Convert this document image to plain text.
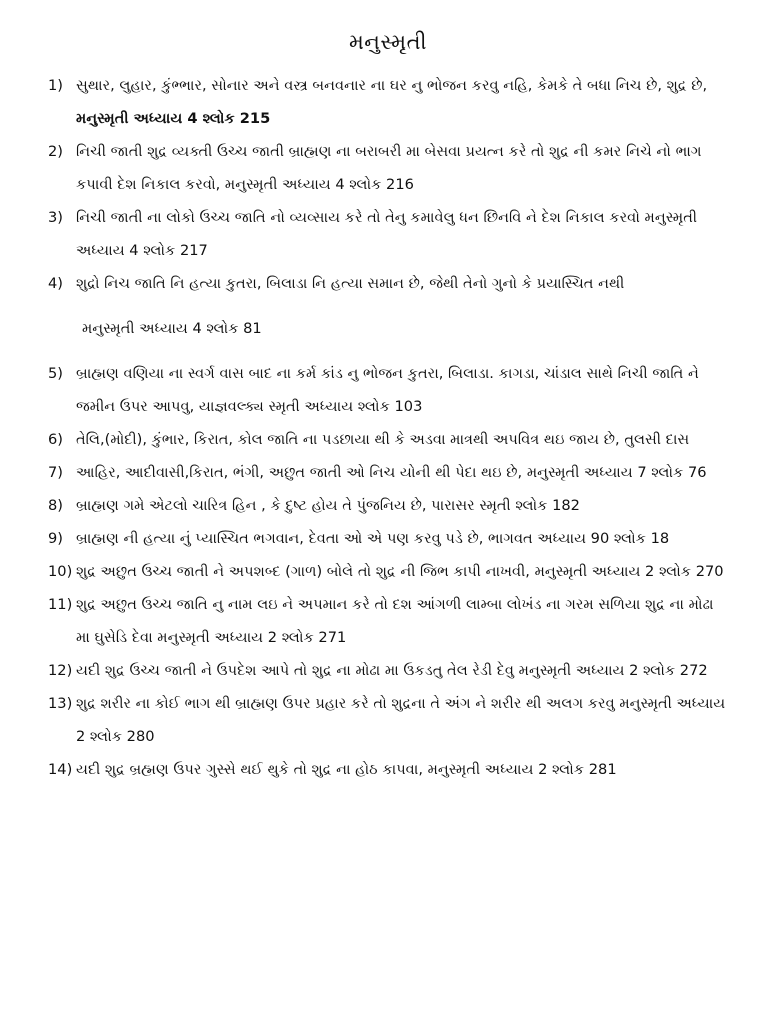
મનુસ્મૃતી
1) સુથાર, લુહાર, કુંભ્ભાર, સોનાર અને વસ્ત્ર બનવનાર ના ઘર નુ ભોજન કરવુ નહિ, કેમકે તે બધા નિચ છે, શુદ્ર છે, મનુસ્મૃતી અધ્યાય 4 શ્લોક 215
2) નિચી જાતી શુદ્ર વ્યક્તી ઉચ્ચ જાતી બ્રાહ્મણ ના બરાબરી મા બેસવા પ્રયત્ન કરે તો શુદ્ર ની કમર નિચે નો ભાગ કપાવી દેશ નિકાલ કરવો, મનુસ્મૃતી અધ્યાય 4 શ્લોક 216
3) નિચી જાતી ના લોકો ઉચ્ચ જાતિ નો વ્યવ્સાય કરે તો તેનુ કમાવેલુ ધન છિનવિ ને દેશ નિકાલ કરવો મનુસ્મૃતી અધ્યાય 4 શ્લોક 217
4) શુદ્રો નિચ જાતિ નિ હત્યા કુતરા, બિલાડા નિ હત્યા સમાન છે, જેથી તેનો ગુનો કે પ્રયાસ્ચિત નથી
મનુસ્મૃતી અધ્યાય 4 શ્લોક 81
5) બ્રાહ્મણ વણિયા ના સ્વર્ગ વાસ બાદ ના કર્મ કાંડ નુ ભોજન કુતરા, બિલાડા. કાગડા, ચાંડાલ સાથે નિચી જાતિ ને જમીન ઉપર આપવુ, યાજ્ઞવલ્ક્ય સ્મૃતી અધ્યાય શ્લોક 103
6) તેલિ,(મોદી), કુંભાર, કિરાત, કોલ જાતિ ના પડછાયા થી કે અડવા માત્રથી અપવિત્ર થઇ જાય છે, તુલસી દાસ
7) આહિર, આદીવાસી,કિરાત, ભંગી, અછુત જાતી ઓ નિચ યોની થી પેદા થઇ છે, મનુસ્મૃતી અધ્યાય 7 શ્લોક 76
8) બ્રાહ્મણ ગમે એટલો ચારિત્ર હિન , કે દુષ્ટ હોય તે પુંજનિય છે, પારાસર સ્મૃતી શ્લોક 182
9) બ્રાહ્મણ ની હત્યા નું પ્યાસ્ચિત ભગવાન, દેવતા ઓ એ પણ કરવુ પડે છે, ભાગવત અધ્યાય 90 શ્લોક 18
10) શુદ્ર અછુત ઉચ્ચ જાતી ને અપશબ્દ (ગાળ) બોલે તો શુદ્ર ની જિભ કાપી નાખવી, મનુસ્મૃતી અધ્યાય 2 શ્લોક 270
11) શુદ્ર અછુત ઉચ્ચ જાતિ નુ નામ લઇ ને અપમાન કરે તો દશ આંગળી લામ્બા લોખંડ ના ગરમ સળિયા શુદ્ર ના મોઢા મા ઘુસેડિ દેવા મનુસ્મૃતી અધ્યાય 2 શ્લોક 271
12) યદી શુદ્ર ઉચ્ચ જાતી ને ઉપદેશ આપે તો શુદ્ર ના મોઢા મા ઉકડતુ તેલ રેડી દેવુ મનુસ્મૃતી અધ્યાય 2 શ્લોક 272
13) શુદ્ર શરીર ના કોઈ ભાગ થી બ્રાહ્મણ ઉપર પ્રહાર કરે તો શુદ્રના તે અંગ ને શરીર થી અલગ કરવુ મનુસ્મૃતી અધ્યાય 2 શ્લોક 280
14) યદી શુદ્ર બ્રહ્મણ ઉપર ગુસ્સે થઈ થુકે તો શુદ્ર ના હોઠ કાપવા, મનુસ્મૃતી અધ્યાય 2 શ્લોક 281
